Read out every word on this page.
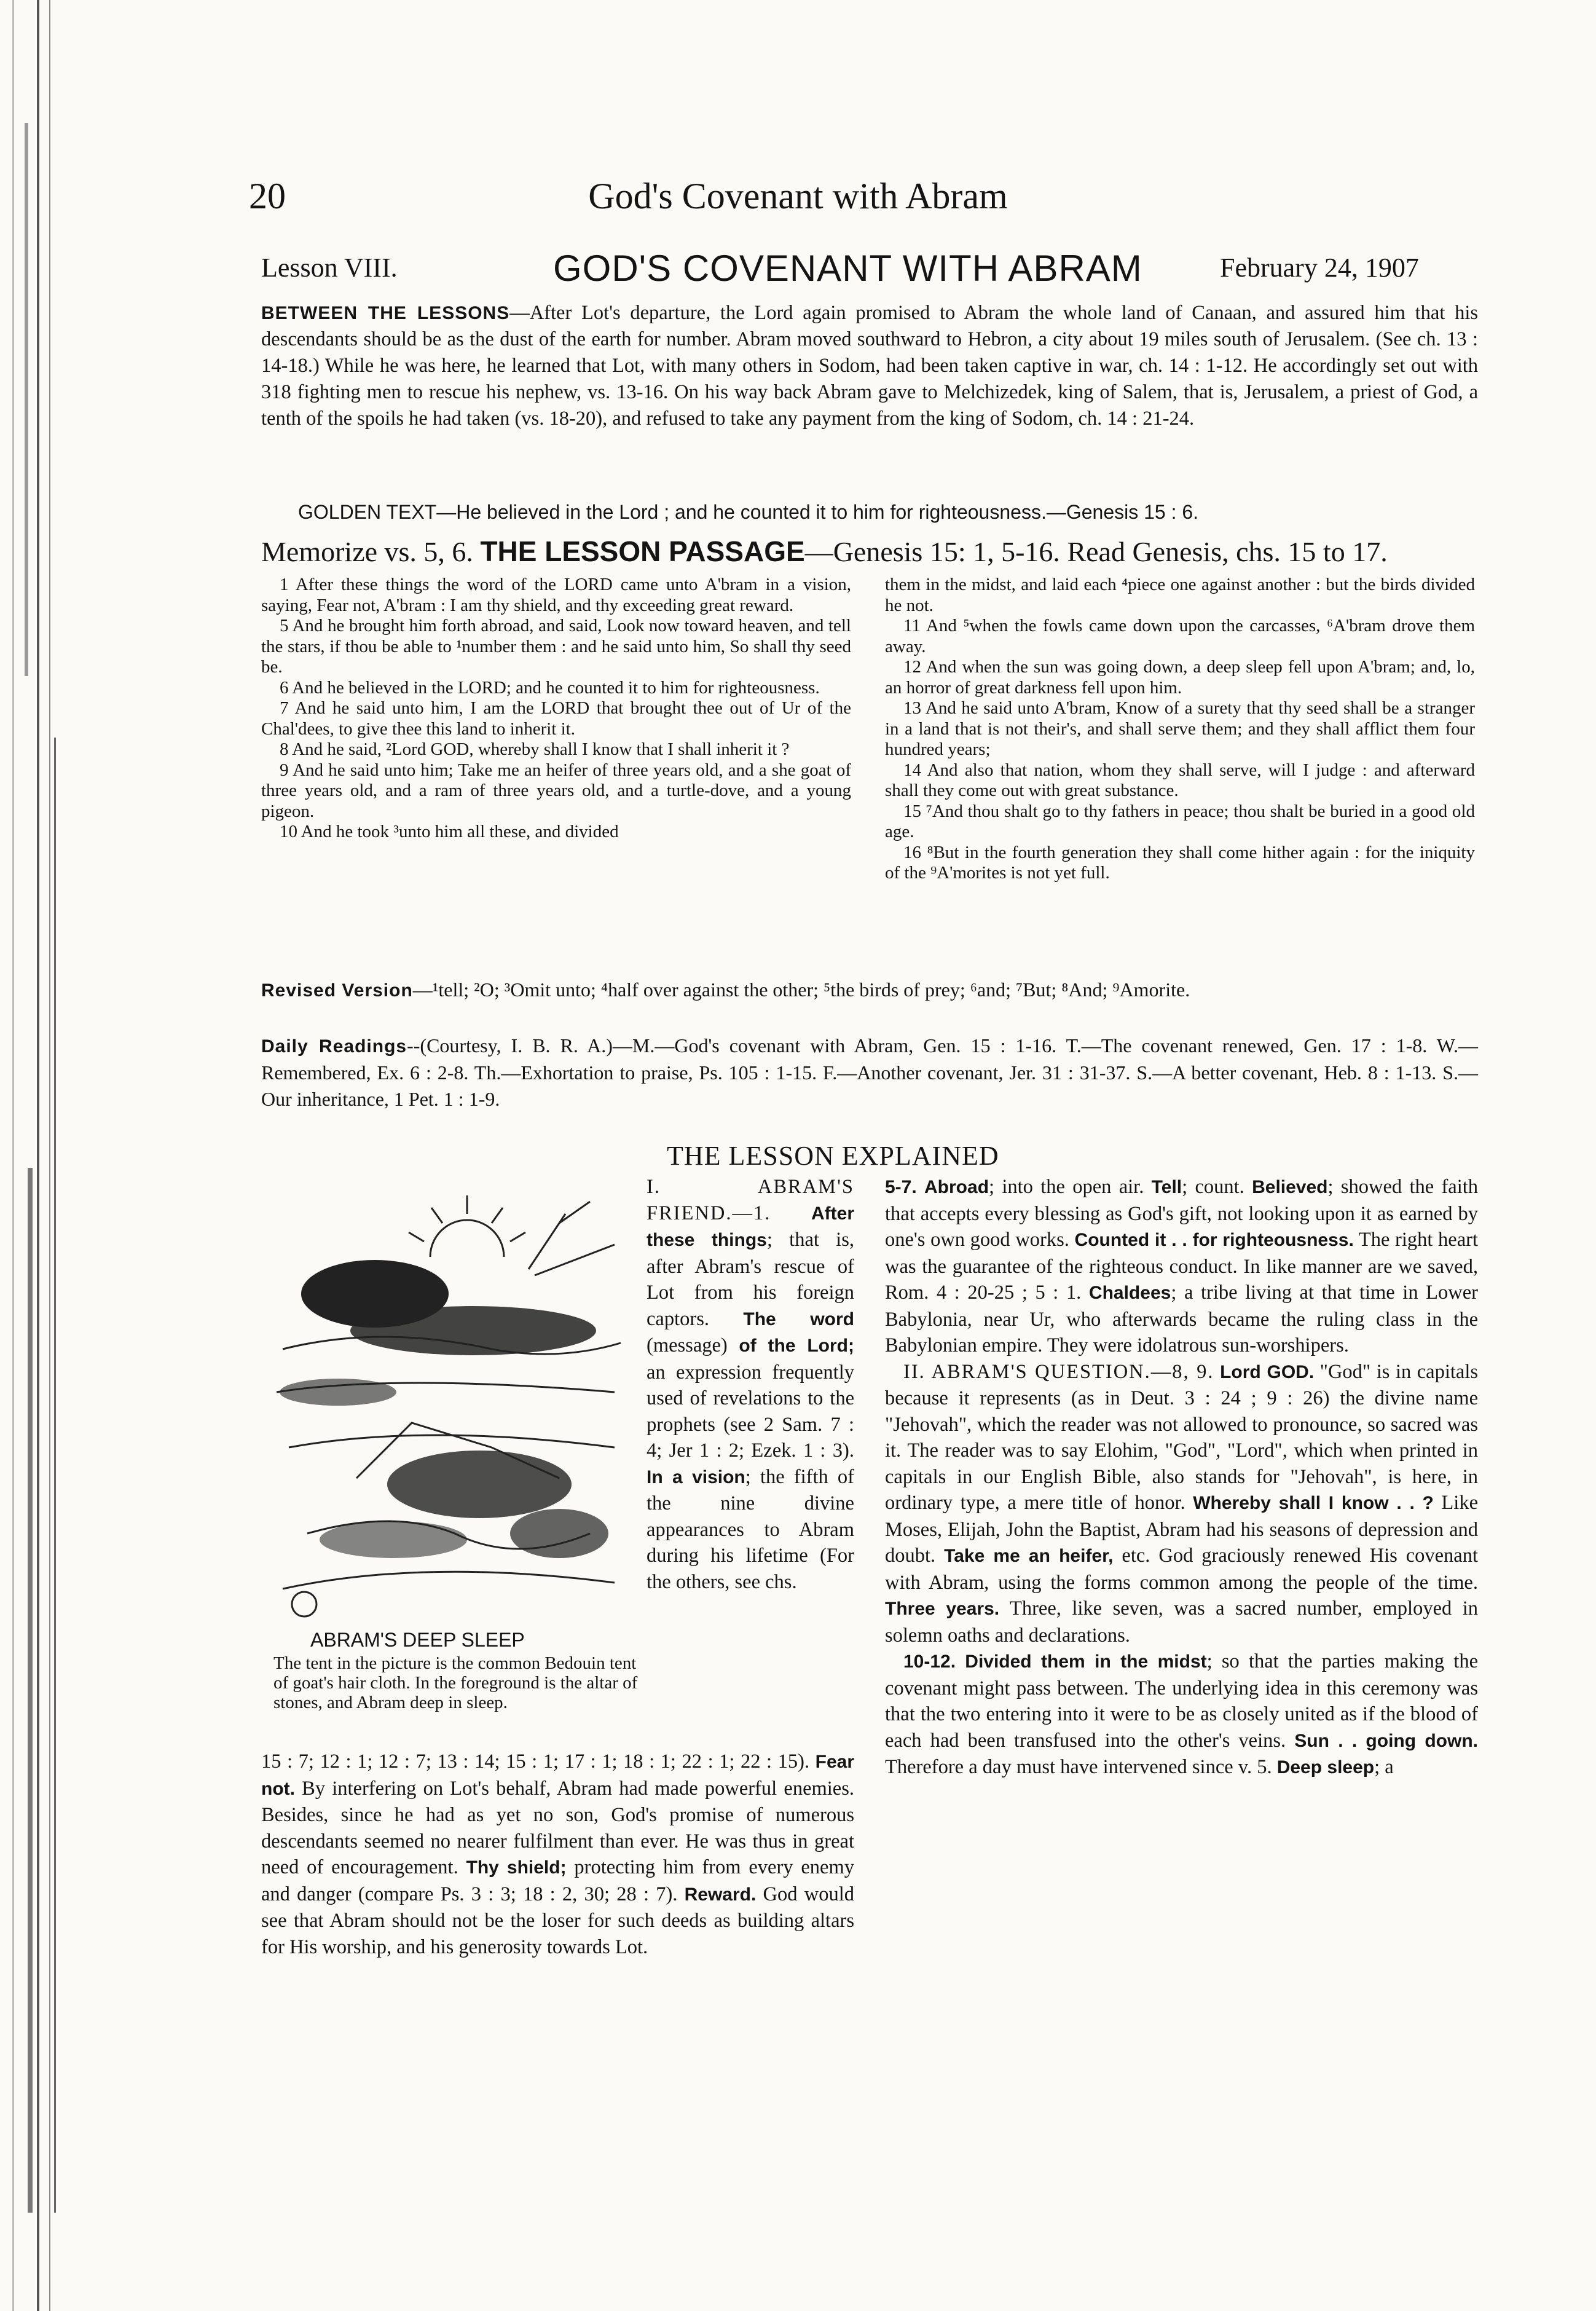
20	God's Covenant with Abram
Lesson VIII.	GOD'S COVENANT WITH ABRAM	February 24, 1907
BETWEEN THE LESSONS—After Lot's departure, the Lord again promised to Abram the whole land of Canaan, and assured him that his descendants should be as the dust of the earth for number. Abram moved southward to Hebron, a city about 19 miles south of Jerusalem. (See ch. 13 : 14-18.) While he was here, he learned that Lot, with many others in Sodom, had been taken captive in war, ch. 14 : 1-12. He accordingly set out with 318 fighting men to rescue his nephew, vs. 13-16. On his way back Abram gave to Melchizedek, king of Salem, that is, Jerusalem, a priest of God, a tenth of the spoils he had taken (vs. 18-20), and refused to take any payment from the king of Sodom, ch. 14 : 21-24.
GOLDEN TEXT—He believed in the Lord ; and he counted it to him for righteousness.—Genesis 15 : 6.
Memorize vs. 5, 6. THE LESSON PASSAGE—Genesis 15: 1, 5-16. Read Genesis, chs. 15 to 17.

1 After these things the word of the LORD came unto A'bram in a vision, saying, Fear not, A'bram : I am thy shield, and thy exceeding great reward.

5 And he brought him forth abroad, and said, Look now toward heaven, and tell the stars, if thou be able to ¹number them : and he said unto him, So shall thy seed be.

6 And he believed in the LORD; and he counted it to him for righteousness.

7 And he said unto him, I am the LORD that brought thee out of Ur of the Chal'dees, to give thee this land to inherit it.

8 And he said, ²Lord GOD, whereby shall I know that I shall inherit it ?

9 And he said unto him; Take me an heifer of three years old, and a she goat of three years old, and a ram of three years old, and a turtle-dove, and a young pigeon.

10 And he took ³unto him all these, and divided

them in the midst, and laid each ⁴piece one against another : but the birds divided he not.

11 And ⁵when the fowls came down upon the carcasses, ⁶A'bram drove them away.

12 And when the sun was going down, a deep sleep fell upon A'bram; and, lo, an horror of great darkness fell upon him.

13 And he said unto A'bram, Know of a surety that thy seed shall be a stranger in a land that is not their's, and shall serve them; and they shall afflict them four hundred years;

14 And also that nation, whom they shall serve, will I judge : and afterward shall they come out with great substance.

15 ⁷And thou shalt go to thy fathers in peace; thou shalt be buried in a good old age.

16 ⁸But in the fourth generation they shall come hither again : for the iniquity of the ⁹A'morites is not yet full.

Revised Version—¹tell; ²O; ³Omit unto; ⁴half over against the other; ⁵the birds of prey; ⁶and; ⁷But; ⁸And; ⁹Amorite.
Daily Readings--(Courtesy, I. B. R. A.)—M.—God's covenant with Abram, Gen. 15 : 1-16. T.—The covenant renewed, Gen. 17 : 1-8. W.—Remembered, Ex. 6 : 2-8. Th.—Exhortation to praise, Ps. 105 : 1-15. F.—Another covenant, Jer. 31 : 31-37. S.—A better covenant, Heb. 8 : 1-13. S.—Our inheritance, 1 Pet. 1 : 1-9.
THE LESSON EXPLAINED
ABRAM'S DEEP SLEEP
The tent in the picture is the common Bedouin tent of goat's hair cloth. In the foreground is the altar of stones, and Abram deep in sleep.

I. ABRAM'S FRIEND.—1. After these things; that is, after Abram's rescue of Lot from his foreign captors. The word (message) of the Lord; an expression frequently used of revelations to the prophets (see 2 Sam. 7 : 4; Jer 1 : 2; Ezek. 1 : 3). In a vision; the fifth of the nine divine appearances to Abram during his lifetime (For the others, see chs.

15 : 7; 12 : 1; 12 : 7; 13 : 14; 15 : 1; 17 : 1; 18 : 1; 22 : 1; 22 : 15). Fear not. By interfering on Lot's behalf, Abram had made powerful enemies. Besides, since he had as yet no son, God's promise of numerous descendants seemed no nearer fulfilment than ever. He was thus in great need of encouragement. Thy shield; protecting him from every enemy and danger (compare Ps. 3 : 3; 18 : 2, 30; 28 : 7). Reward. God would see that Abram should not be the loser for such deeds as building altars for His worship, and his generosity towards Lot.

5-7. Abroad; into the open air. Tell; count. Believed; showed the faith that accepts every blessing as God's gift, not looking upon it as earned by one's own good works. Counted it . . for righteousness. The right heart was the guarantee of the righteous conduct. In like manner are we saved, Rom. 4 : 20-25 ; 5 : 1. Chaldees; a tribe living at that time in Lower Babylonia, near Ur, who afterwards became the ruling class in the Babylonian empire. They were idolatrous sun-worshipers.

II. ABRAM'S QUESTION.—8, 9. Lord GOD. "God" is in capitals because it represents (as in Deut. 3 : 24 ; 9 : 26) the divine name "Jehovah", which the reader was not allowed to pronounce, so sacred was it. The reader was to say Elohim, "God", "Lord", which when printed in capitals in our English Bible, also stands for "Jehovah", is here, in ordinary type, a mere title of honor. Whereby shall I know . . ? Like Moses, Elijah, John the Baptist, Abram had his seasons of depression and doubt. Take me an heifer, etc. God graciously renewed His covenant with Abram, using the forms common among the people of the time. Three years. Three, like seven, was a sacred number, employed in solemn oaths and declarations.

10-12. Divided them in the midst; so that the parties making the covenant might pass between. The underlying idea in this ceremony was that the two entering into it were to be as closely united as if the blood of each had been transfused into the other's veins. Sun . . going down. Therefore a day must have intervened since v. 5. Deep sleep; a
